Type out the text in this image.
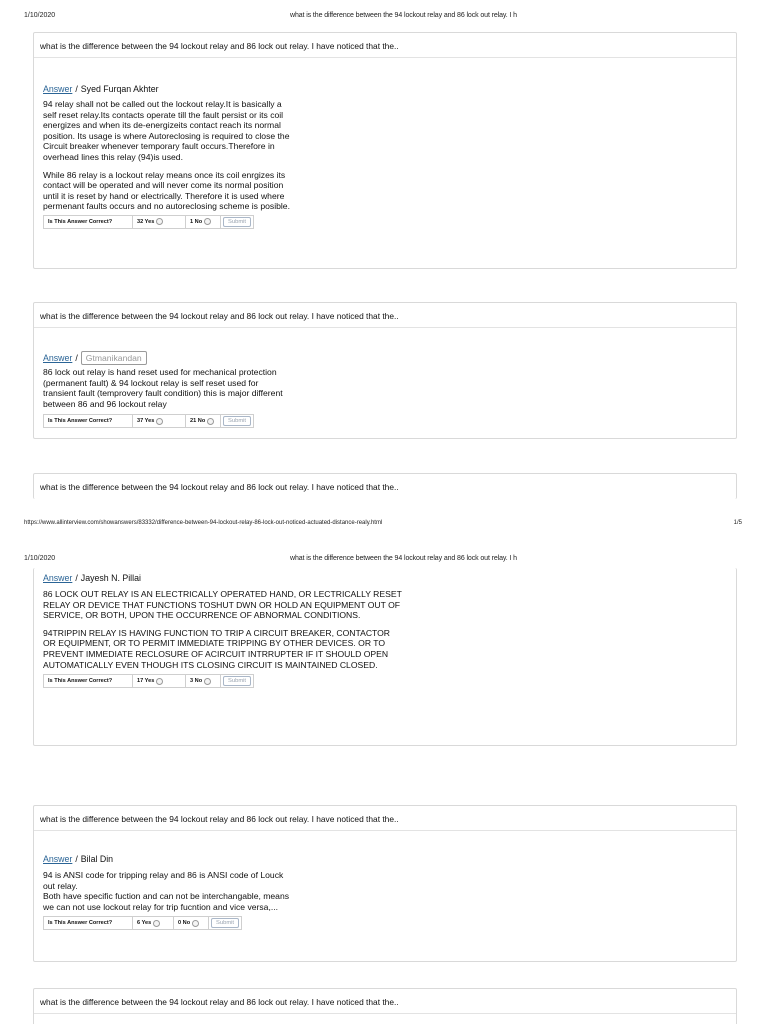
1/10/2020	what is the difference between the 94 lockout relay and 86 lock out relay. I h
what is the difference between the 94 lockout relay and 86 lock out relay. I have noticed that the..
Answer / Syed Furqan Akhter

94 relay shall not be called out the lockout relay.It is basically a self reset relay.Its contacts operate till the fault persist or its coil energizes and when its de-energizeits contact reach its normal position. Its usage is where Autoreclosing is required to close the Circuit breaker whenever temporary fault occurs.Therefore in overhead lines this relay (94)is used.

While 86 relay is a lockout relay means once its coil enrgizes its contact will be operated and will never come its normal position until it is reset by hand or electrically. Therefore it is used where permenant faults occurs and no autoreclosing scheme is posible.

Is This Answer Correct?	32 Yes	1 No	Submit
what is the difference between the 94 lockout relay and 86 lock out relay. I have noticed that the..
Answer / Gtmanikandan

86 lock out relay is hand reset used for mechanical protection (permanent fault) & 94 lockout relay is self reset used for transient fault (temprovery fault condition) this is major different between 86 and 96 lockout relay

Is This Answer Correct?	37 Yes	21 No	Submit
what is the difference between the 94 lockout relay and 86 lock out relay. I have noticed that the..
https://www.allinterview.com/showanswers/83332/difference-between-94-lockout-relay-86-lock-out-noticed-actuated-distance-realy.html	1/5
1/10/2020	what is the difference between the 94 lockout relay and 86 lock out relay. I h
Answer / Jayesh N. Pillai

86 LOCK OUT RELAY IS AN ELECTRICALLY OPERATED HAND, OR LECTRICALLY RESET RELAY OR DEVICE THAT FUNCTIONS TOSHUT DWN OR HOLD AN EQUIPMENT OUT OF SERVICE, OR BOTH, UPON THE OCCURRENCE OF ABNORMAL CONDITIONS.

94TRIPPIN RELAY IS HAVING FUNCTION TO TRIP A CIRCUIT BREAKER, CONTACTOR OR EQUIPMENT, OR TO PERMIT IMMEDIATE TRIPPING BY OTHER DEVICES. OR TO PREVENT IMMEDIATE RECLOSURE OF ACIRCUIT INTRRUPTER IF IT SHOULD OPEN AUTOMATICALLY EVEN THOUGH ITS CLOSING CIRCUIT IS MAINTAINED CLOSED.

Is This Answer Correct?	17 Yes	3 No	Submit
what is the difference between the 94 lockout relay and 86 lock out relay. I have noticed that the..
Answer / Bilal Din

94 is ANSI code for tripping relay and 86 is ANSI code of Louck out relay.
Both have specific fuction and can not be interchangable, means we can not use lockout relay for trip fucntion and vice versa,...

Is This Answer Correct?	6 Yes	0 No	Submit
what is the difference between the 94 lockout relay and 86 lock out relay. I have noticed that the..
